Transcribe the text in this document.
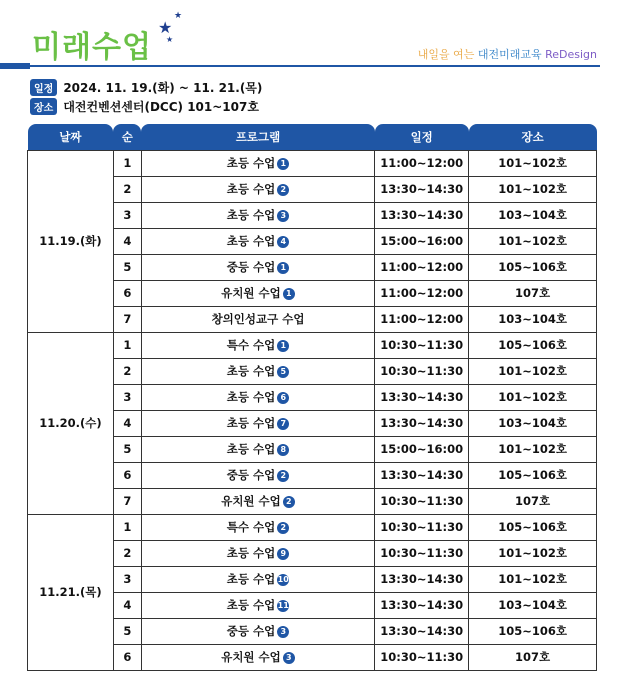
미래수업
★
★
★
내일을 여는 대전미래교육 ReDesign
일정 2024. 11. 19.(화) ~ 11. 21.(목)
장소 대전컨벤션센터(DCC) 101~107호
날짜	순	프로그램	일정	장소
11.19.(화)	1	초등 수업 1	11:00~12:00	101~102호
	2	초등 수업 2	13:30~14:30	101~102호
	3	초등 수업 3	13:30~14:30	103~104호
	4	초등 수업 4	15:00~16:00	101~102호
	5	중등 수업 1	11:00~12:00	105~106호
	6	유치원 수업 1	11:00~12:00	107호
	7	창의인성교구 수업	11:00~12:00	103~104호
11.20.(수)	1	특수 수업 1	10:30~11:30	105~106호
	2	초등 수업 5	10:30~11:30	101~102호
	3	초등 수업 6	13:30~14:30	101~102호
	4	초등 수업 7	13:30~14:30	103~104호
	5	초등 수업 8	15:00~16:00	101~102호
	6	중등 수업 2	13:30~14:30	105~106호
	7	유치원 수업 2	10:30~11:30	107호
11.21.(목)	1	특수 수업 2	10:30~11:30	105~106호
	2	초등 수업 9	10:30~11:30	101~102호
	3	초등 수업 10	13:30~14:30	101~102호
	4	초등 수업 11	13:30~14:30	103~104호
	5	중등 수업 3	13:30~14:30	105~106호
	6	유치원 수업 3	10:30~11:30	107호
